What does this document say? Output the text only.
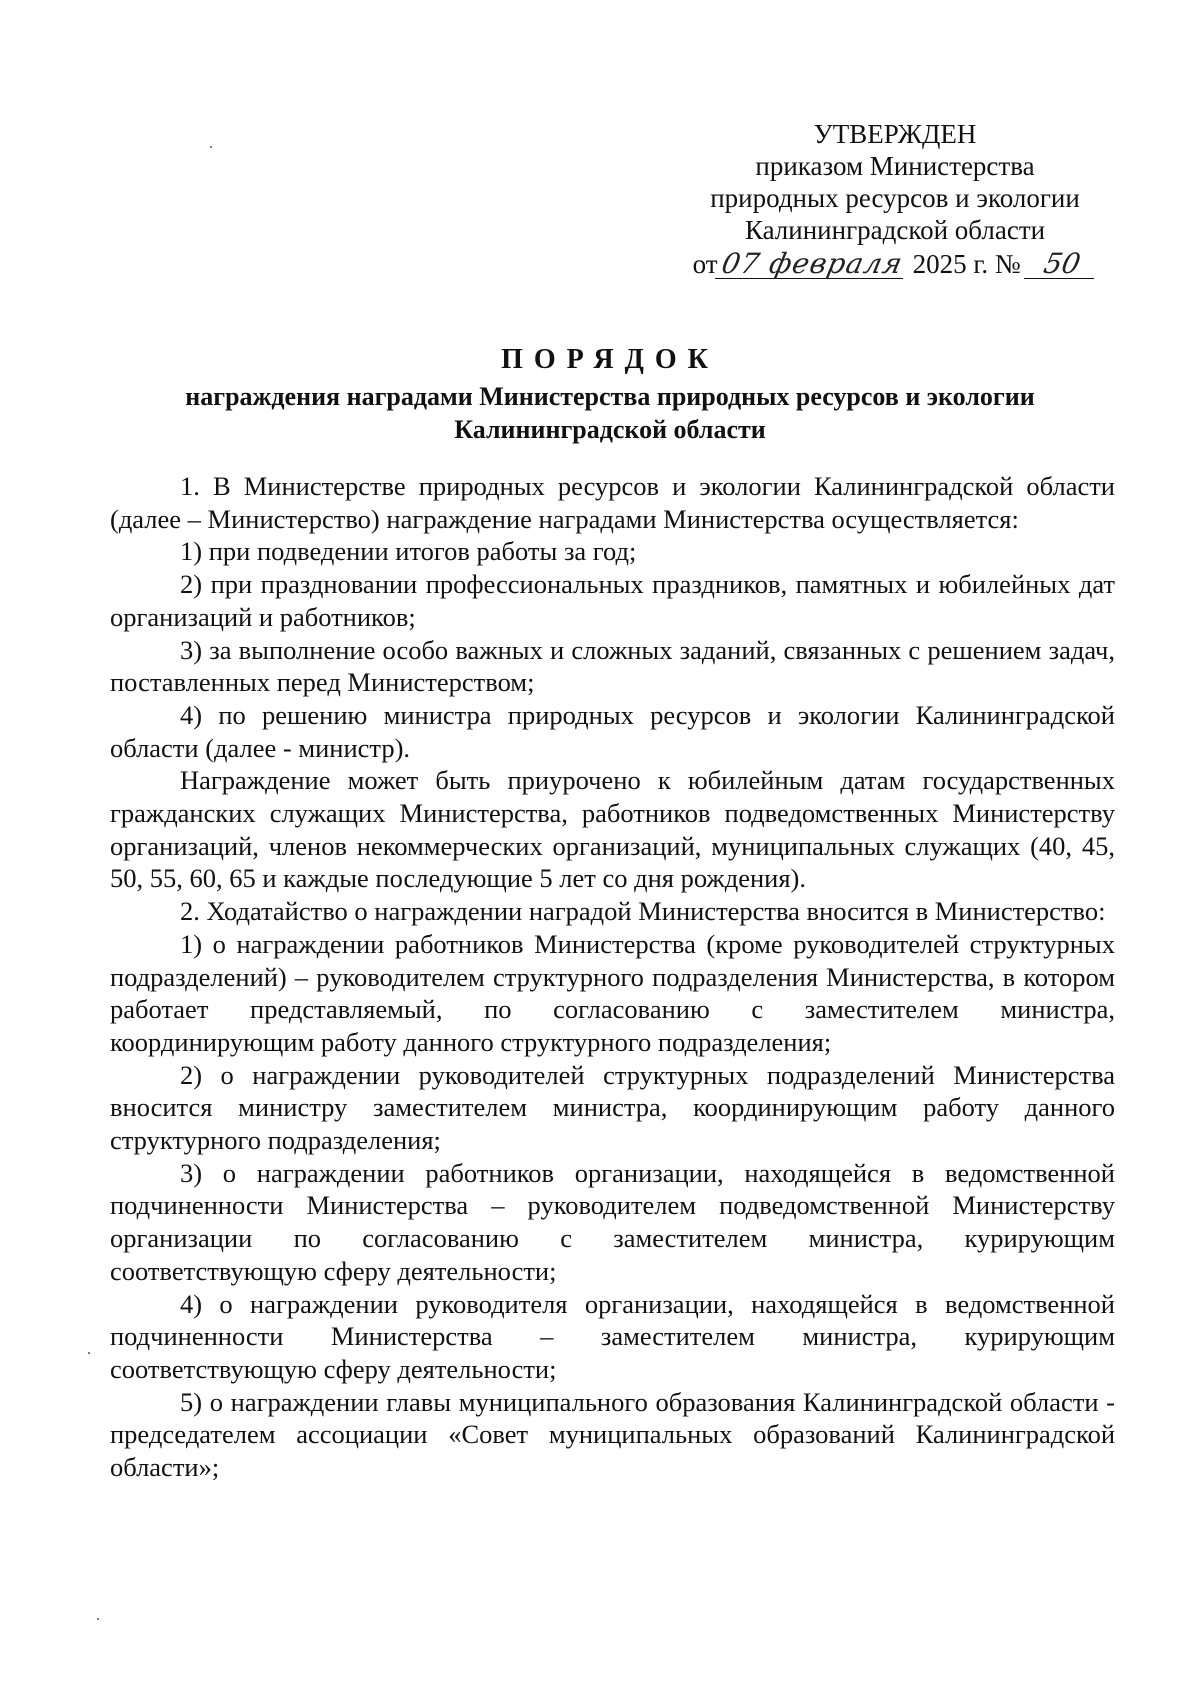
УТВЕРЖДЕН
приказом Министерства
природных ресурсов и экологии
Калининградской области
от07 февраля 2025 г. № 50
ПОРЯДОК
награждения наградами Министерства природных ресурсов и экологии
Калининградской области

1. В Министерстве природных ресурсов и экологии Калининградской области (далее – Министерство) награждение наградами Министерства осуществляется:

1) при подведении итогов работы за год;

2) при праздновании профессиональных праздников, памятных и юбилейных дат организаций и работников;

3) за выполнение особо важных и сложных заданий, связанных с решением задач, поставленных перед Министерством;

4) по решению министра природных ресурсов и экологии Калининградской области (далее - министр).

Награждение может быть приурочено к юбилейным датам государственных гражданских служащих Министерства, работников подведомственных Министерству организаций, членов некоммерческих организаций, муниципальных служащих (40, 45, 50, 55, 60, 65 и каждые последующие 5 лет со дня рождения).

2. Ходатайство о награждении наградой Министерства вносится в Министерство:

1) о награждении работников Министерства (кроме руководителей структурных подразделений) – руководителем структурного подразделения Министерства, в котором работает представляемый, по согласованию с заместителем министра, координирующим работу данного структурного подразделения;

2) о награждении руководителей структурных подразделений Министерства вносится министру заместителем министра, координирующим работу данного структурного подразделения;

3) о награждении работников организации, находящейся в ведомственной подчиненности Министерства – руководителем подведомственной Министерству организации по согласованию с заместителем министра, курирующим соответствующую сферу деятельности;

4) о награждении руководителя организации, находящейся в ведомственной подчиненности Министерства – заместителем министра, курирующим соответствующую сферу деятельности;

5) о награждении главы муниципального образования Калининградской области - председателем ассоциации «Совет муниципальных образований Калининградской области»;
